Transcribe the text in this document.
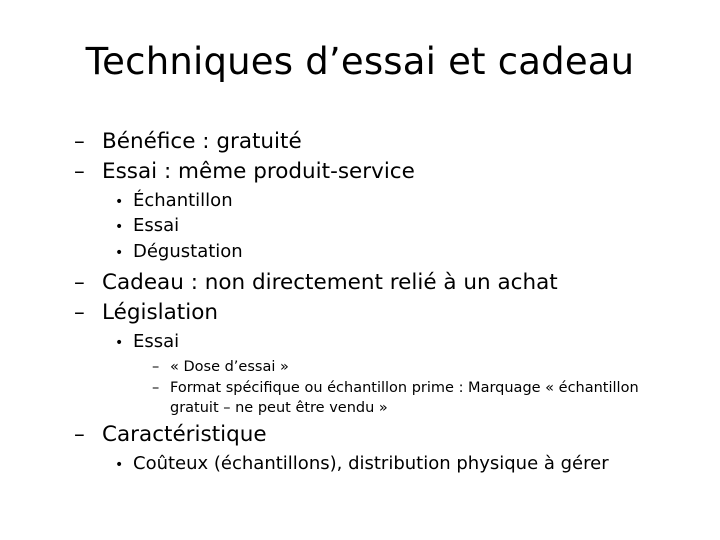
Techniques d’essai et cadeau
– Bénéfice : gratuité
– Essai : même produit-service
• Échantillon
• Essai
• Dégustation
– Cadeau : non directement relié à un achat
– Législation
• Essai
– « Dose d’essai »
– Format spécifique ou échantillon prime : Marquage « échantillon
gratuit – ne peut être vendu »
– Caractéristique
• Coûteux (échantillons), distribution physique à gérer
